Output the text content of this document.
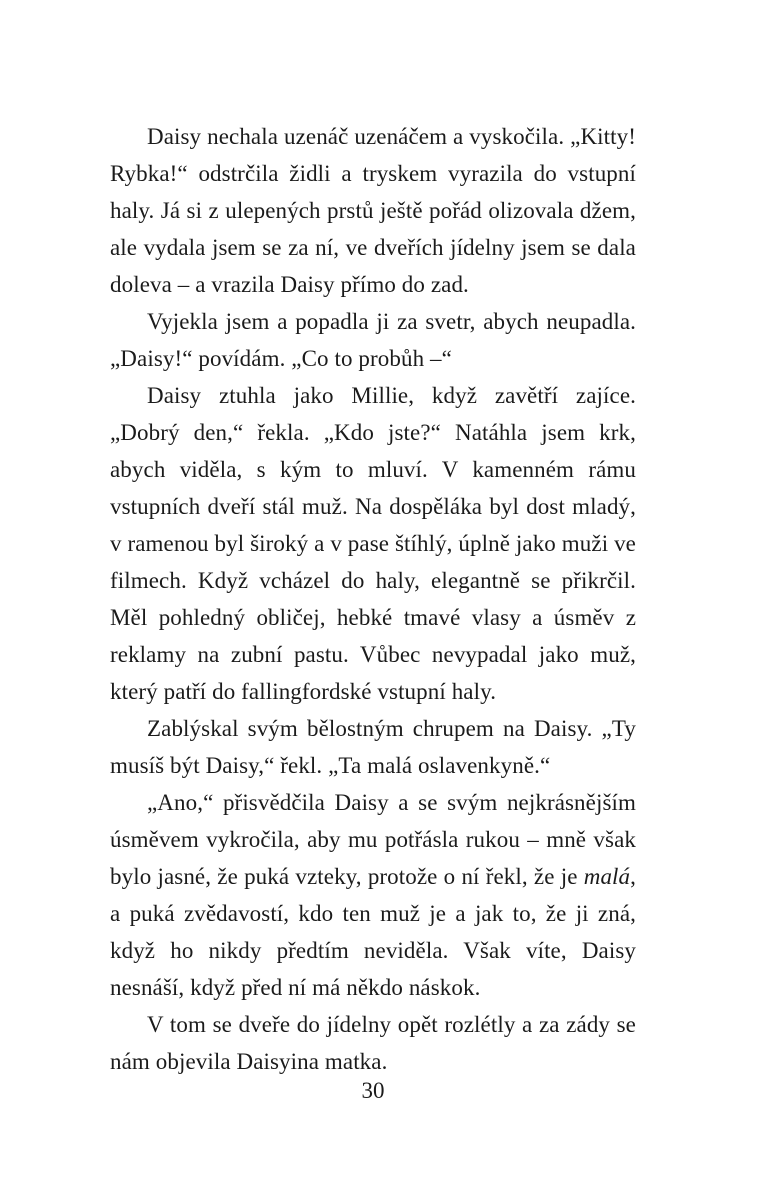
Daisy nechala uzenáč uzenáčem a vyskočila. „Kitty! Rybka!“ odstrčila židli a tryskem vyrazila do vstupní haly. Já si z ulepených prstů ještě pořád olizovala džem, ale vydala jsem se za ní, ve dveřích jídelny jsem se dala doleva – a vrazila Daisy přímo do zad.

Vyjekla jsem a popadla ji za svetr, abych neupadla. „Daisy!“ povídám. „Co to probůh –“

Daisy ztuhla jako Millie, když zavětří zajíce. „Dobrý den,“ řekla. „Kdo jste?“ Natáhla jsem krk, abych viděla, s kým to mluví. V kamenném rámu vstupních dveří stál muž. Na dospěláka byl dost mladý, v ramenou byl široký a v pase štíhlý, úplně jako muži ve filmech. Když vcházel do haly, elegantně se přikrčil. Měl pohledný obličej, hebké tmavé vlasy a úsměv z reklamy na zubní pastu. Vůbec nevypadal jako muž, který patří do fallingfordské vstupní haly.

Zablýskal svým bělostným chrupem na Daisy. „Ty musíš být Daisy,“ řekl. „Ta malá oslavenkyně.“

„Ano,“ přisvědčila Daisy a se svým nejkrásnějším úsměvem vykročila, aby mu potřásla rukou – mně však bylo jasné, že puká vzteky, protože o ní řekl, že je malá, a puká zvědavostí, kdo ten muž je a jak to, že ji zná, když ho nikdy předtím neviděla. Však víte, Daisy nesnáší, když před ní má někdo náskok.

V tom se dveře do jídelny opět rozlétly a za zády se nám objevila Daisyina matka.

30
